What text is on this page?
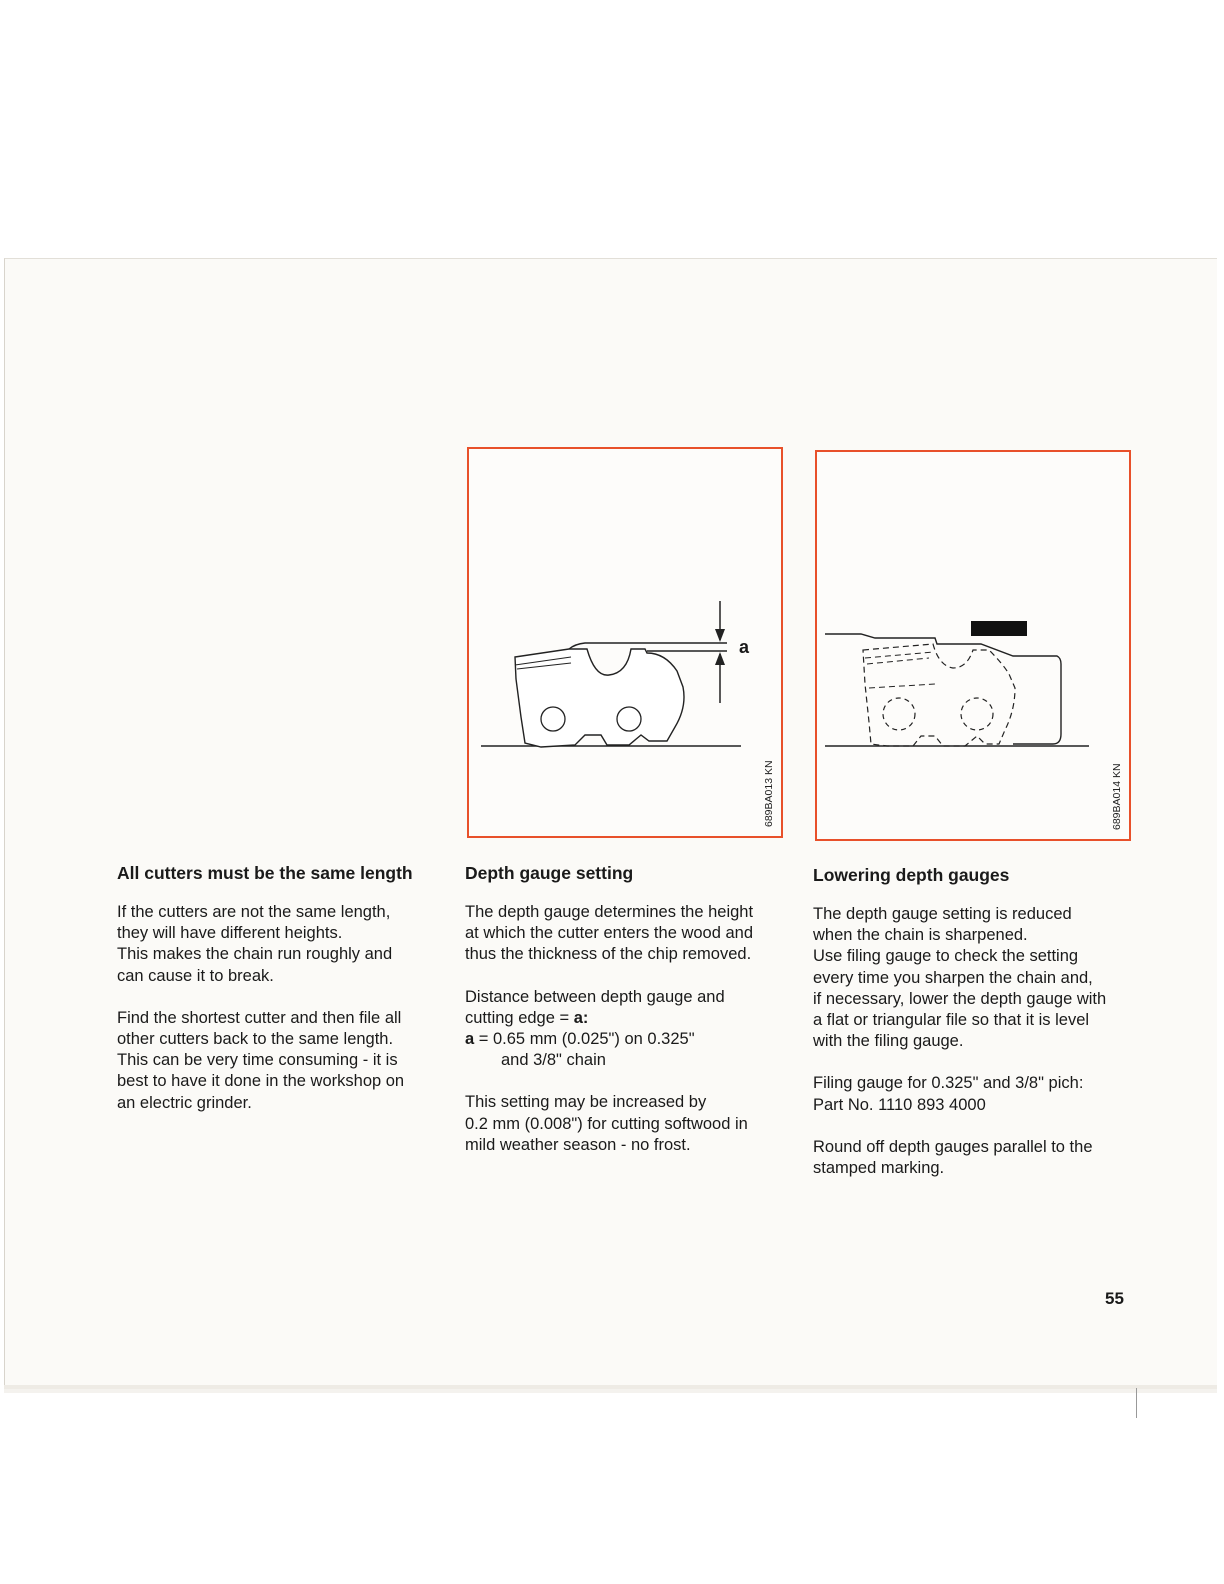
a
689BA013 KN	689BA014 KN
All cutters must be the same length

If the cutters are not the same length,
they will have different heights.
This makes the chain run roughly and
can cause it to break.

Find the shortest cutter and then file all
other cutters back to the same length.
This can be very time consuming - it is
best to have it done in the workshop on
an electric grinder.

Depth gauge setting

The depth gauge determines the height
at which the cutter enters the wood and
thus the thickness of the chip removed.

Distance between depth gauge and
cutting edge = a:
a = 0.65 mm (0.025") on 0.325"
and 3/8" chain

This setting may be increased by
0.2 mm (0.008") for cutting softwood in
mild weather season - no frost.

Lowering depth gauges

The depth gauge setting is reduced
when the chain is sharpened.
Use filing gauge to check the setting
every time you sharpen the chain and,
if necessary, lower the depth gauge with
a flat or triangular file so that it is level
with the filing gauge.

Filing gauge for 0.325" and 3/8" pich:
Part No. 1110 893 4000

Round off depth gauges parallel to the
stamped marking.

55
